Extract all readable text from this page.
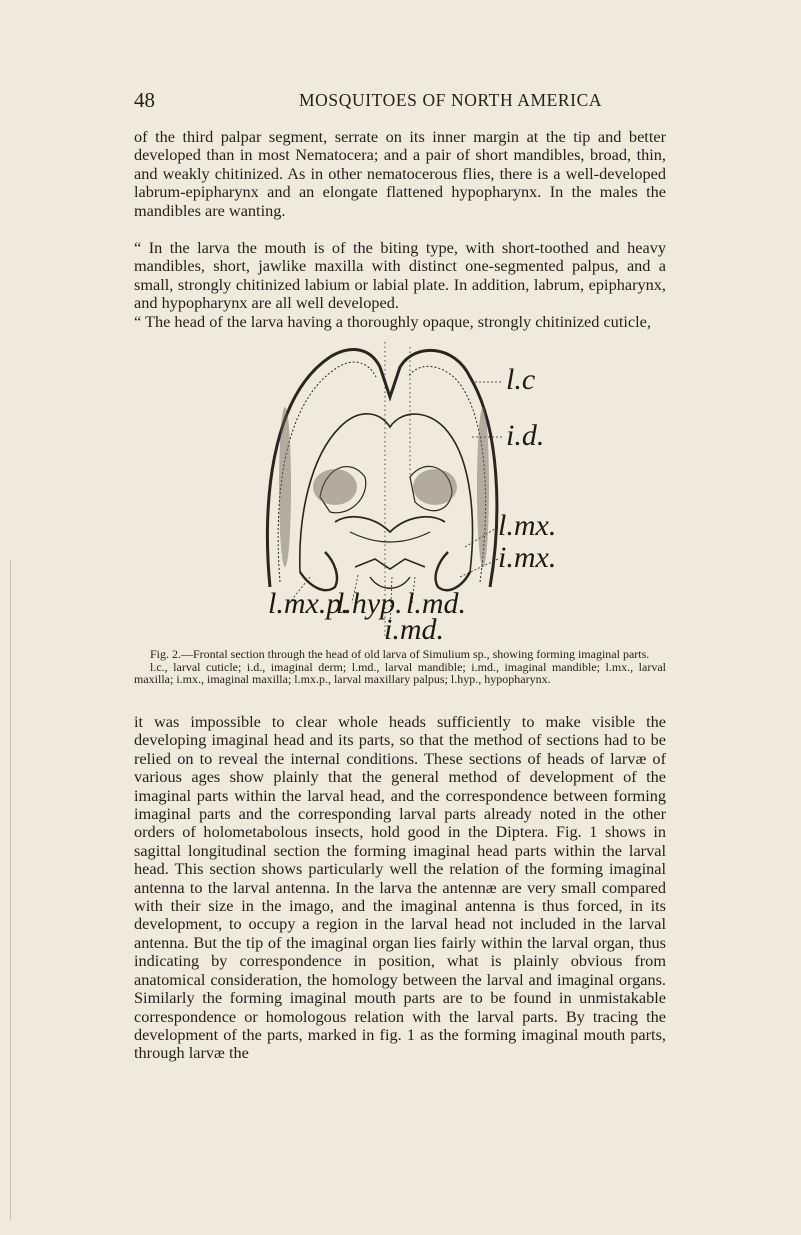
48	MOSQUITOES OF NORTH AMERICA

of the third palpar segment, serrate on its inner margin at the tip and better developed than in most Nematocera; and a pair of short mandibles, broad, thin, and weakly chitinized. As in other nematocerous flies, there is a well-developed labrum-epipharynx and an elongate flattened hypopharynx. In the males the mandibles are wanting.

“ In the larva the mouth is of the biting type, with short-toothed and heavy mandibles, short, jawlike maxilla with distinct one-segmented palpus, and a small, strongly chitinized labium or labial plate. In addition, labrum, epipharynx, and hypopharynx are all well developed.

“ The head of the larva having a thoroughly opaque, strongly chitinized cuticle,

l.c
i.d.
l.mx.
i.mx.
l.mx.p.
l.hyp. l.md.
i.md.

Fig. 2.—Frontal section through the head of old larva of Simulium sp., showing forming imaginal parts.
l.c., larval cuticle; i.d., imaginal derm; l.md., larval mandible; i.md., imaginal mandible; l.mx., larval maxilla; i.mx., imaginal maxilla; l.mx.p., larval maxillary palpus; l.hyp., hypopharynx.

it was impossible to clear whole heads sufficiently to make visible the developing imaginal head and its parts, so that the method of sections had to be relied on to reveal the internal conditions. These sections of heads of larvæ of various ages show plainly that the general method of development of the imaginal parts within the larval head, and the correspondence between forming imaginal parts and the corresponding larval parts already noted in the other orders of holometabolous insects, hold good in the Diptera. Fig. 1 shows in sagittal longitudinal section the forming imaginal head parts within the larval head. This section shows particularly well the relation of the forming imaginal antenna to the larval antenna. In the larva the antennæ are very small compared with their size in the imago, and the imaginal antenna is thus forced, in its development, to occupy a region in the larval head not included in the larval antenna. But the tip of the imaginal organ lies fairly within the larval organ, thus indicating by correspondence in position, what is plainly obvious from anatomical consideration, the homology between the larval and imaginal organs. Similarly the forming imaginal mouth parts are to be found in unmistakable correspondence or homologous relation with the larval parts. By tracing the development of the parts, marked in fig. 1 as the forming imaginal mouth parts, through larvæ the
